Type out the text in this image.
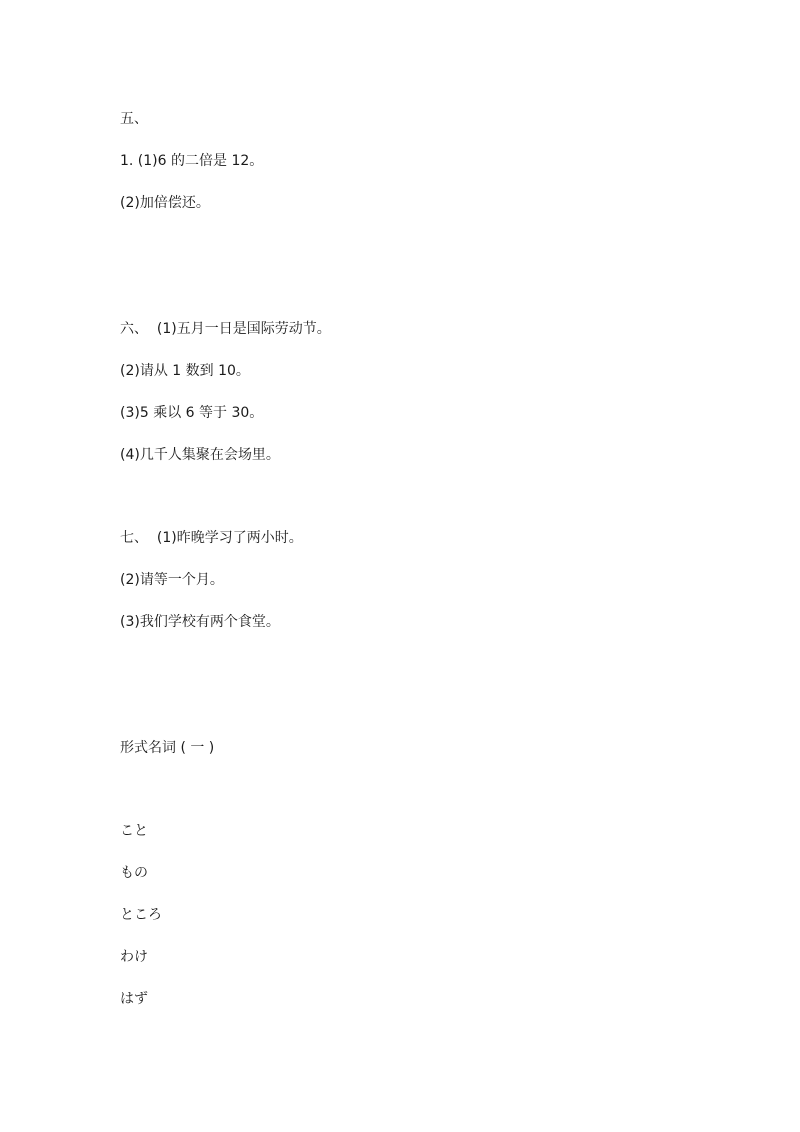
五、

1. (1)6 的二倍是 12。

(2)加倍偿还。

六、  (1)五月一日是国际劳动节。

(2)请从 1 数到 10。

(3)5 乘以 6 等于 30。

(4)几千人集聚在会场里。

七、  (1)昨晚学习了两小时。

(2)请等一个月。

(3)我们学校有两个食堂。

形式名词 ( 一 )

こと

もの

ところ

わけ

はず
